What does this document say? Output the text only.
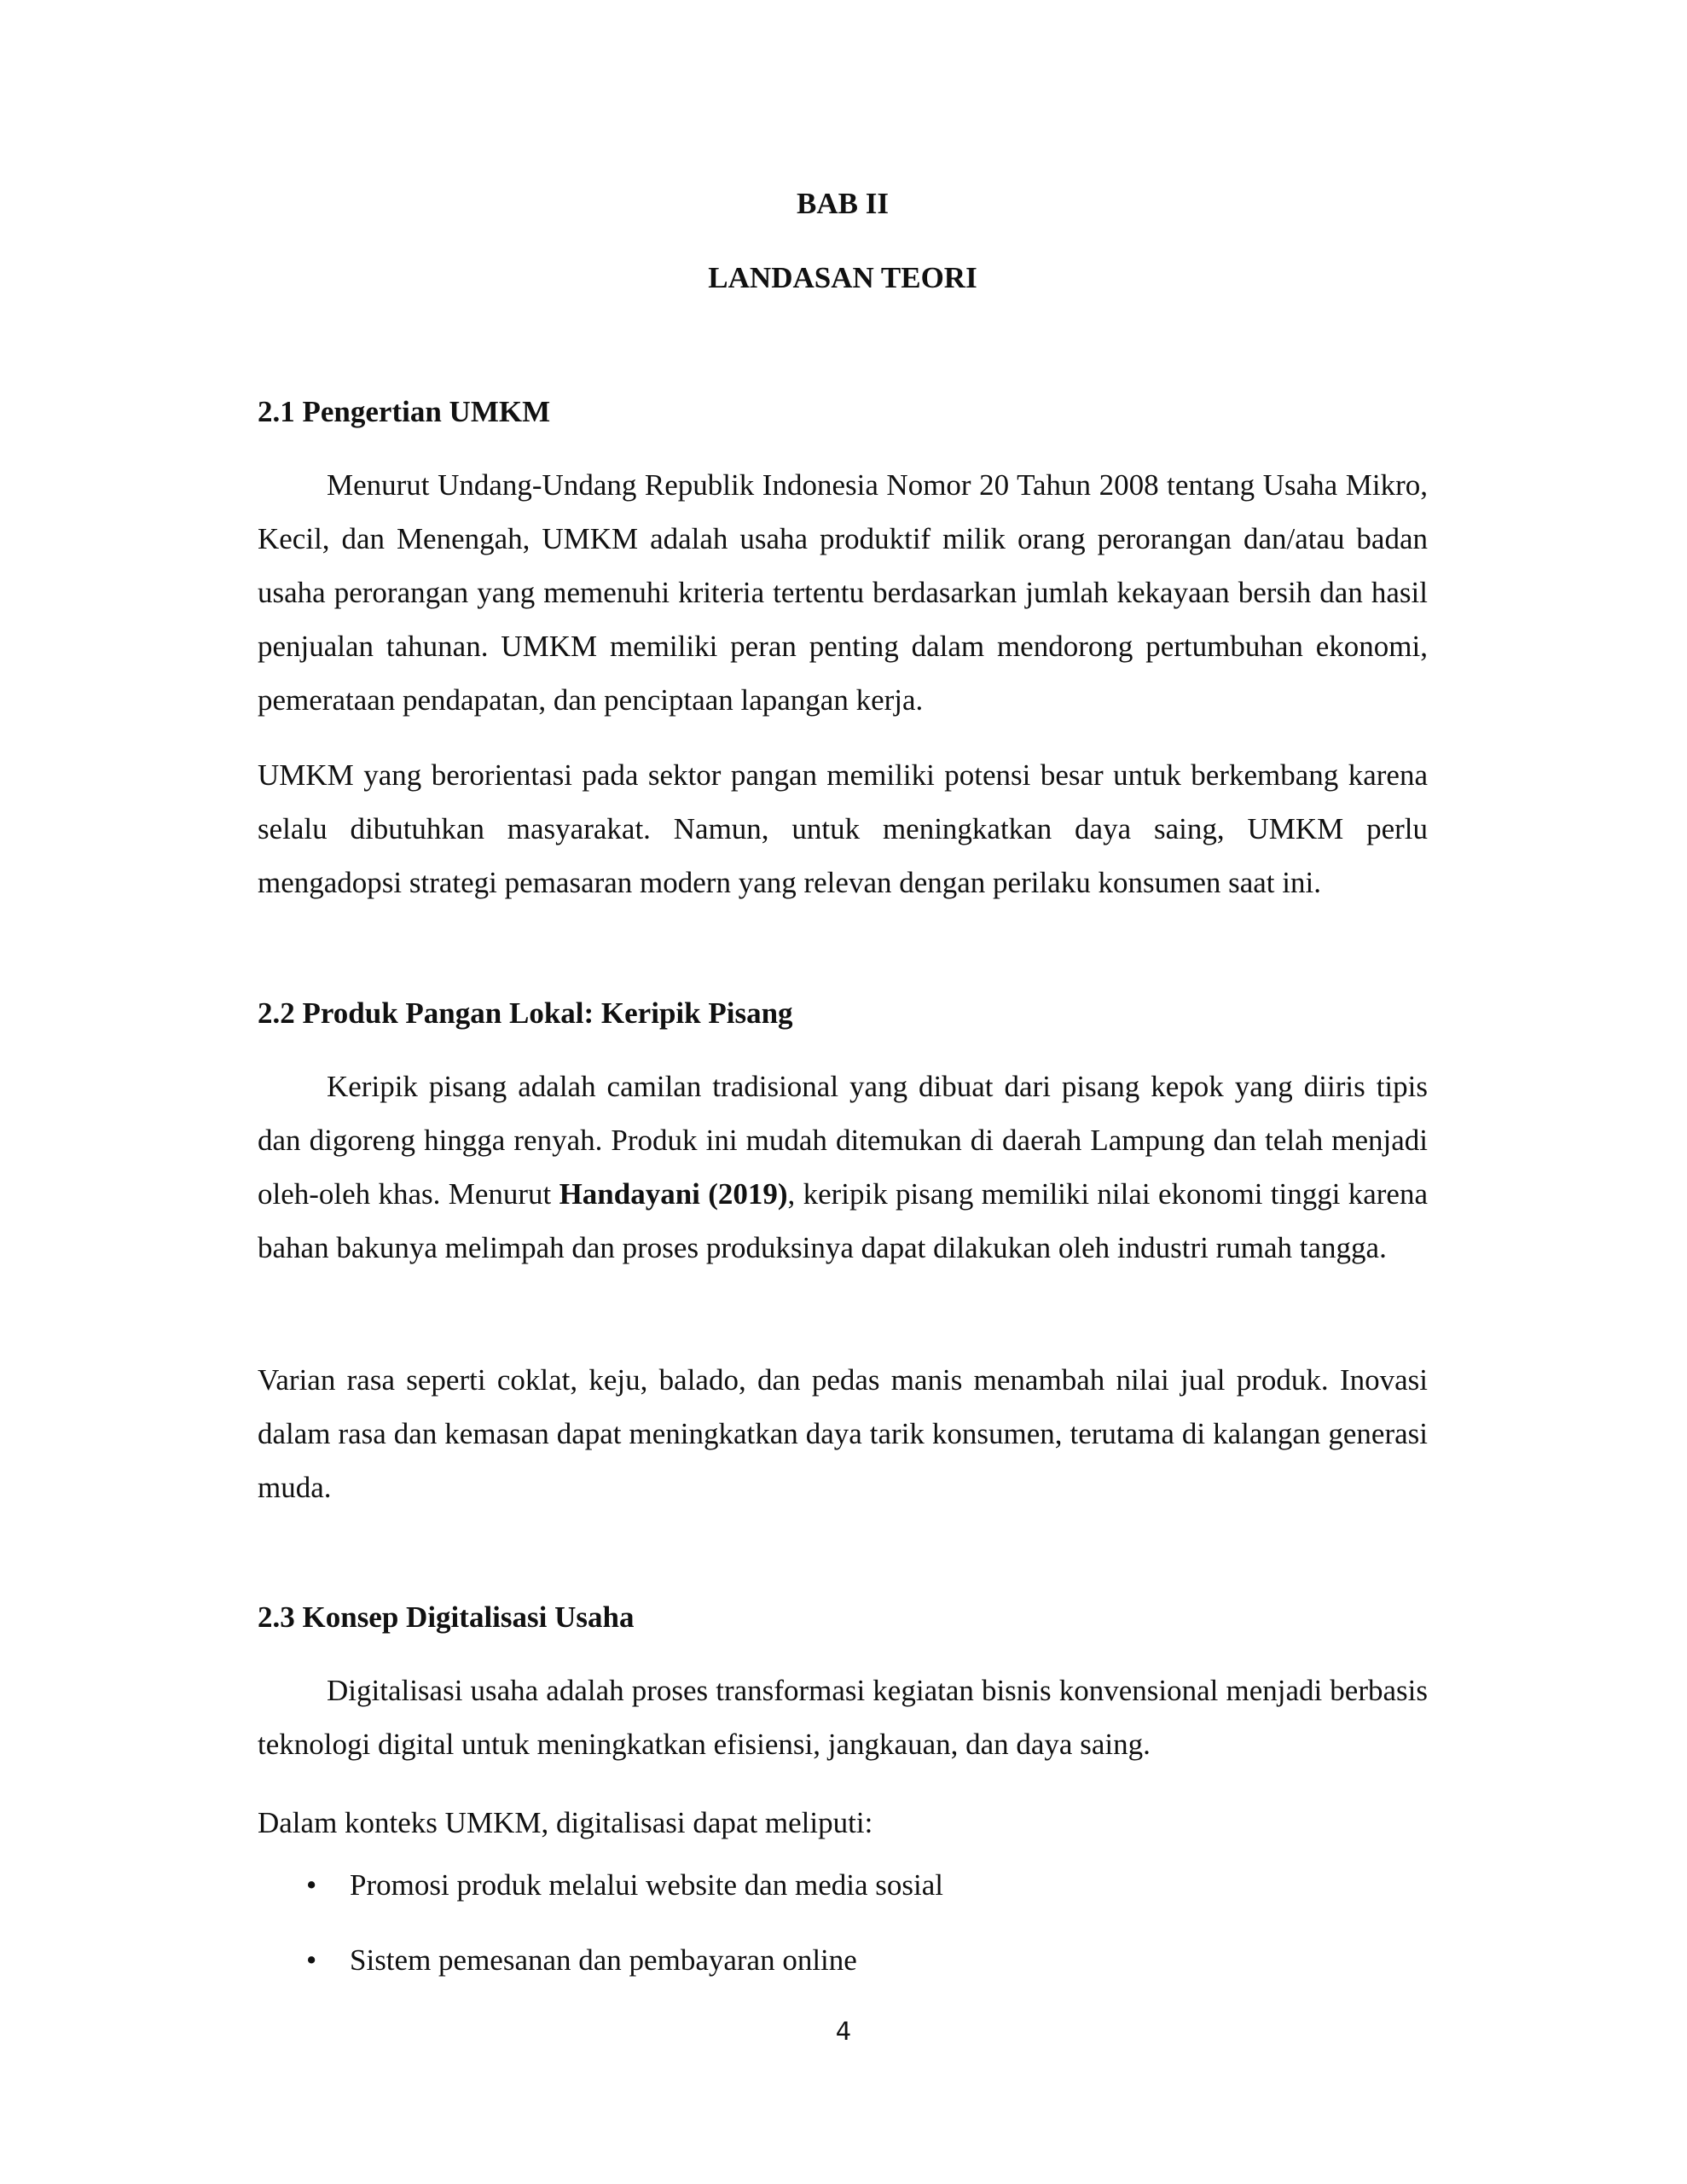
BAB II
LANDASAN TEORI
2.1 Pengertian UMKM

Menurut Undang-Undang Republik Indonesia Nomor 20 Tahun 2008 tentang Usaha Mikro, Kecil, dan Menengah, UMKM adalah usaha produktif milik orang perorangan dan/atau badan usaha perorangan yang memenuhi kriteria tertentu berdasarkan jumlah kekayaan bersih dan hasil penjualan tahunan. UMKM memiliki peran penting dalam mendorong pertumbuhan ekonomi, pemerataan pendapatan, dan penciptaan lapangan kerja.

UMKM yang berorientasi pada sektor pangan memiliki potensi besar untuk berkembang karena selalu dibutuhkan masyarakat. Namun, untuk meningkatkan daya saing, UMKM perlu mengadopsi strategi pemasaran modern yang relevan dengan perilaku konsumen saat ini.

2.2 Produk Pangan Lokal: Keripik Pisang

Keripik pisang adalah camilan tradisional yang dibuat dari pisang kepok yang diiris tipis dan digoreng hingga renyah. Produk ini mudah ditemukan di daerah Lampung dan telah menjadi oleh-oleh khas. Menurut Handayani (2019), keripik pisang memiliki nilai ekonomi tinggi karena bahan bakunya melimpah dan proses produksinya dapat dilakukan oleh industri rumah tangga.

Varian rasa seperti coklat, keju, balado, dan pedas manis menambah nilai jual produk. Inovasi dalam rasa dan kemasan dapat meningkatkan daya tarik konsumen, terutama di kalangan generasi muda.

2.3 Konsep Digitalisasi Usaha

Digitalisasi usaha adalah proses transformasi kegiatan bisnis konvensional menjadi berbasis teknologi digital untuk meningkatkan efisiensi, jangkauan, dan daya saing.

Dalam konteks UMKM, digitalisasi dapat meliputi:

• Promosi produk melalui website dan media sosial
• Sistem pemesanan dan pembayaran online
4
